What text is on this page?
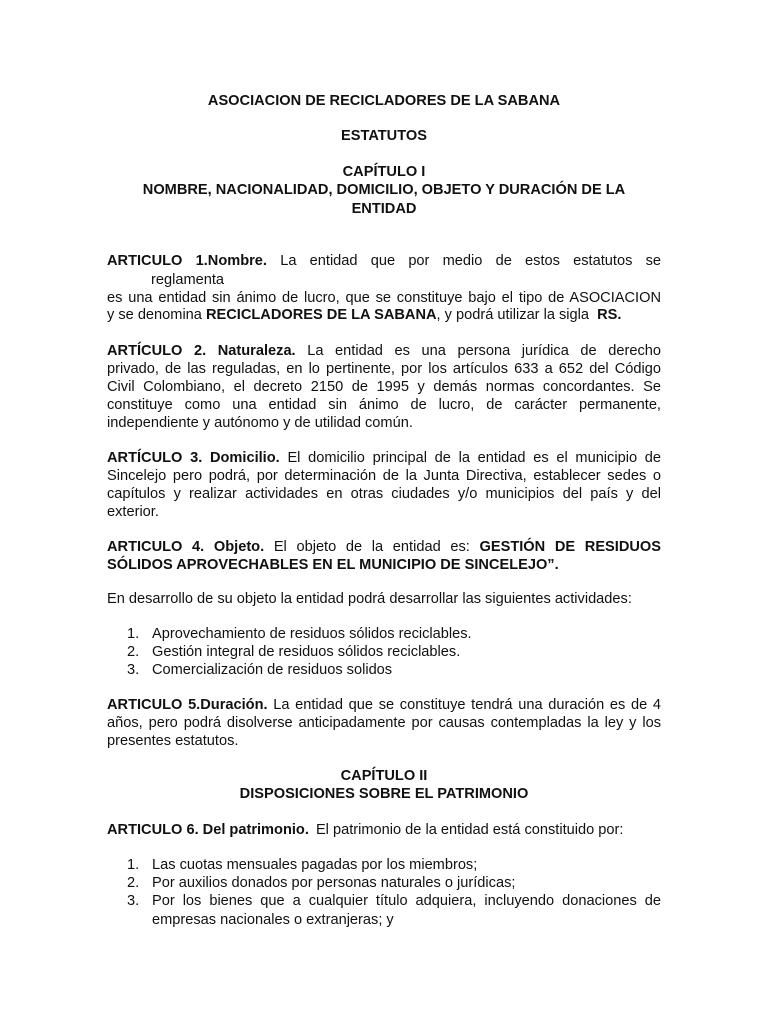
ASOCIACION DE RECICLADORES DE LA SABANA
ESTATUTOS
CAPÍTULO I
NOMBRE, NACIONALIDAD, DOMICILIO, OBJETO Y DURACIÓN DE LA
ENTIDAD
ARTICULO 1.Nombre. La entidad que por medio de estos estatutos se
reglamenta
es una entidad sin ánimo de lucro, que se constituye bajo el tipo de ASOCIACION
y se denomina RECICLADORES DE LA SABANA, y podrá utilizar la sigla RS.
ARTÍCULO 2. Naturaleza. La entidad es una persona jurídica de derecho
privado, de las reguladas, en lo pertinente, por los artículos 633 a 652 del Código
Civil Colombiano, el decreto 2150 de 1995 y demás normas concordantes. Se
constituye como una entidad sin ánimo de lucro, de carácter permanente,
independiente y autónomo y de utilidad común.
ARTÍCULO 3. Domicilio. El domicilio principal de la entidad es el municipio de
Sincelejo pero podrá, por determinación de la Junta Directiva, establecer sedes o
capítulos y realizar actividades en otras ciudades y/o municipios del país y del
exterior.
ARTICULO 4. Objeto. El objeto de la entidad es: GESTIÓN DE RESIDUOS
SÓLIDOS APROVECHABLES EN EL MUNICIPIO DE SINCELEJO”.
En desarrollo de su objeto la entidad podrá desarrollar las siguientes actividades:
1. Aprovechamiento de residuos sólidos reciclables.
2. Gestión integral de residuos sólidos reciclables.
3. Comercialización de residuos solidos
ARTICULO 5.Duración. La entidad que se constituye tendrá una duración es de 4
años, pero podrá disolverse anticipadamente por causas contempladas la ley y los
presentes estatutos.
CAPÍTULO II
DISPOSICIONES SOBRE EL PATRIMONIO
ARTICULO 6. Del patrimonio. El patrimonio de la entidad está constituido por:
1. Las cuotas mensuales pagadas por los miembros;
2. Por auxilios donados por personas naturales o jurídicas;
3. Por los bienes que a cualquier título adquiera, incluyendo donaciones de
empresas nacionales o extranjeras; y
